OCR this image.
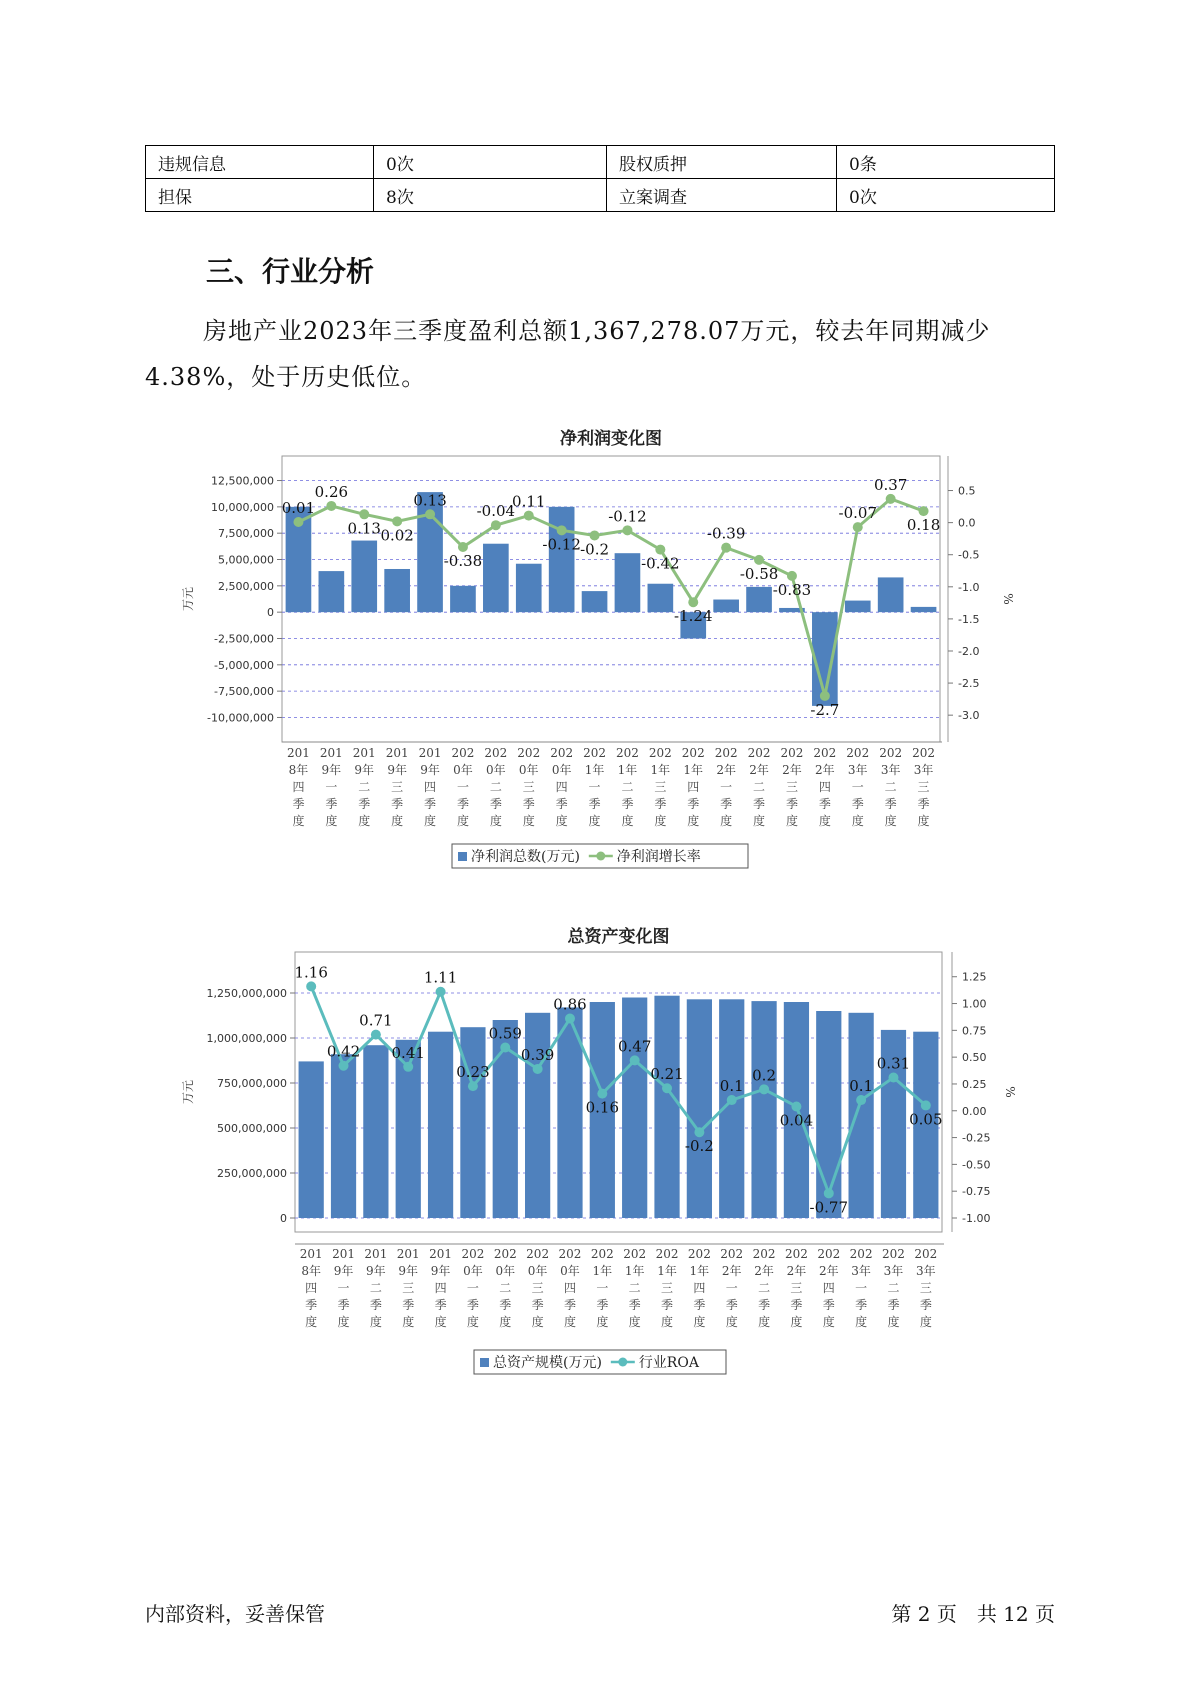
违规信息	0次	股权质押	0条
担保	8次	立案调查	0次
三、行业分析
房地产业2023年三季度盈利总额1,367,278.07万元，较去年同期减少4.38%，处于历史低位。
净利润变化图
12,500,000
10,000,000
7,500,000
5,000,000
2,500,000
0
-2,500,000
-5,000,000
-7,500,000
-10,000,000
0.5
0.0
-0.5
-1.0
-1.5
-2.0
-2.5
-3.0
万元	%
0.01
0.26
0.13 0.02
0.13
-0.38
-0.04
0.11
-0.12 -0.2
-0.12
-0.42
-1.24
-0.39
-0.58
-0.83
-2.7
-0.07
0.37
0.18
201 8年四季度
201 9年一季度
201 9年二季度
201 9年三季度
201 9年四季度
202 0年一季度
202 0年二季度
202 0年三季度
202 0年四季度
202 1年一季度
202 1年二季度
202 1年三季度
202 1年四季度
202 2年一季度
202 2年二季度
202 2年三季度
202 2年四季度
202 3年一季度
202 3年二季度
202 3年三季度
净利润总数(万元)	净利润增长率
总资产变化图
1,250,000,000
1,000,000,000
750,000,000
500,000,000
250,000,000
0
1.25
1.00
0.75
0.50
0.25
0.00
-0.25
-0.50
-0.75
-1.00
万元	%
1.16
0.42
0.71
0.41
1.11
0.23
0.59
0.39
0.86
0.16
0.47
0.21
-0.2
0.1
0.2
0.04
-0.77
0.1
0.31
0.05
201 8年四季度
201 9年一季度
201 9年二季度
201 9年三季度
201 9年四季度
202 0年一季度
202 0年二季度
202 0年三季度
202 0年四季度
202 1年一季度
202 1年二季度
202 1年三季度
202 1年四季度
202 2年一季度
202 2年二季度
202 2年三季度
202 2年四季度
202 3年一季度
202 3年二季度
202 3年三季度
总资产规模(万元)	行业ROA
内部资料，妥善保管	第 2 页　共 12 页
